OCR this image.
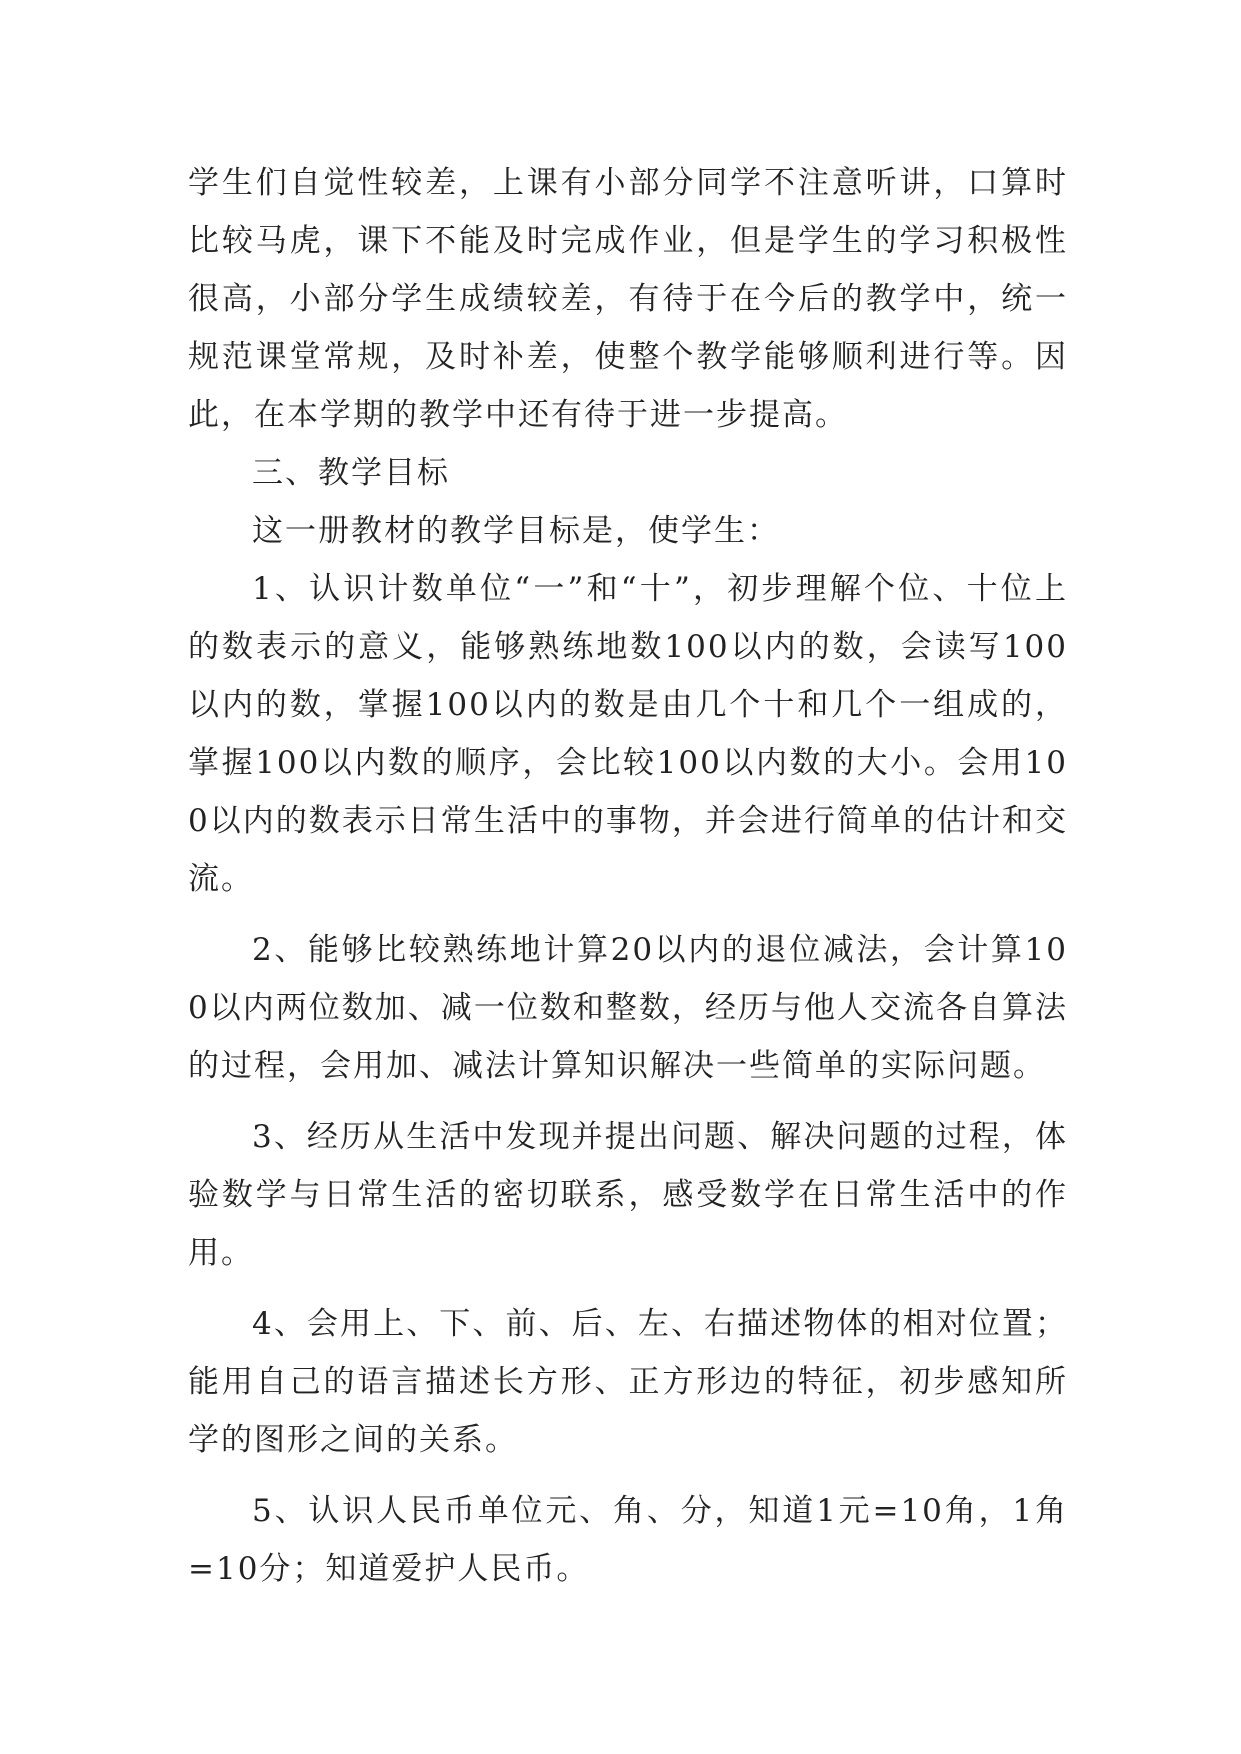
学生们自觉性较差，上课有小部分同学不注意听讲，口算时比较马虎，课下不能及时完成作业，但是学生的学习积极性很高，小部分学生成绩较差，有待于在今后的教学中，统一规范课堂常规，及时补差，使整个教学能够顺利进行等。因此，在本学期的教学中还有待于进一步提高。

三、教学目标

这一册教材的教学目标是，使学生：

1、认识计数单位“一”和“十”，初步理解个位、十位上的数表示的意义，能够熟练地数100以内的数，会读写100以内的数，掌握100以内的数是由几个十和几个一组成的，掌握100以内数的顺序，会比较100以内数的大小。会用100以内的数表示日常生活中的事物，并会进行简单的估计和交流。

2、能够比较熟练地计算20以内的退位减法，会计算100以内两位数加、减一位数和整数，经历与他人交流各自算法的过程，会用加、减法计算知识解决一些简单的实际问题。

3、经历从生活中发现并提出问题、解决问题的过程，体验数学与日常生活的密切联系，感受数学在日常生活中的作用。

4、会用上、下、前、后、左、右描述物体的相对位置；能用自己的语言描述长方形、正方形边的特征，初步感知所学的图形之间的关系。

5、认识人民币单位元、角、分，知道1元=10角，1角=10分；知道爱护人民币。
